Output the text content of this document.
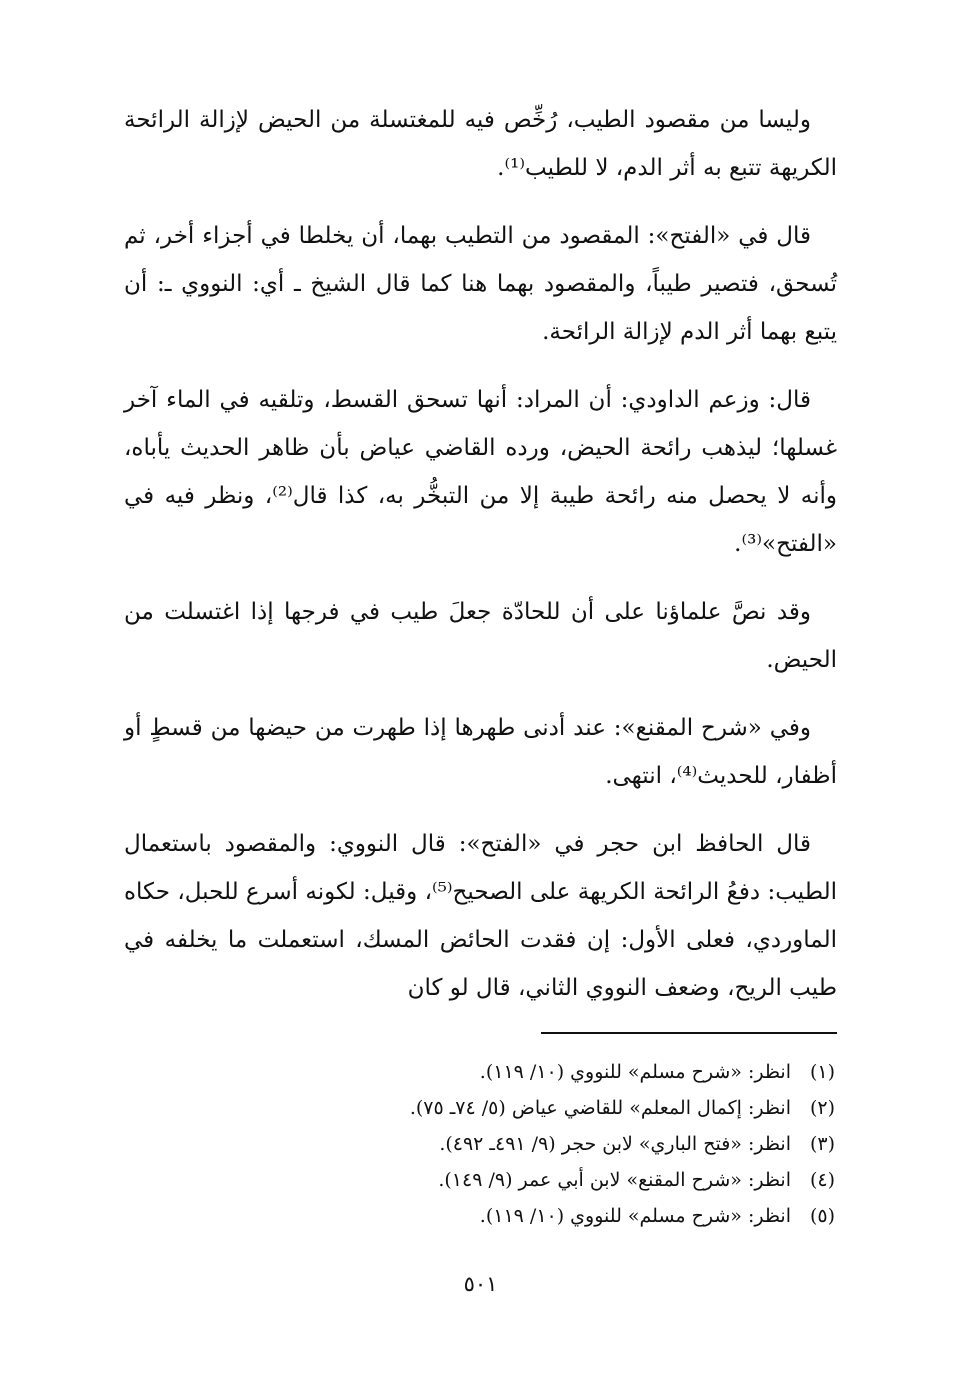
وليسا من مقصود الطيب، رُخِّص فيه للمغتسلة من الحيض لإزالة الرائحة الكريهة تتبع به أثر الدم، لا للطيب⁽¹⁾.

قال في «الفتح»: المقصود من التطيب بهما، أن يخلطا في أجزاء أخر، ثم تُسحق، فتصير طيباً، والمقصود بهما هنا كما قال الشيخ ـ أي: النووي ـ: أن يتبع بهما أثر الدم لإزالة الرائحة.

قال: وزعم الداودي: أن المراد: أنها تسحق القسط، وتلقيه في الماء آخر غسلها؛ ليذهب رائحة الحيض، ورده القاضي عياض بأن ظاهر الحديث يأباه، وأنه لا يحصل منه رائحة طيبة إلا من التبخُّر به، كذا قال⁽²⁾، ونظر فيه في «الفتح»⁽³⁾.

وقد نصَّ علماؤنا على أن للحادّة جعلَ طيب في فرجها إذا اغتسلت من الحيض.

وفي «شرح المقنع»: عند أدنى طهرها إذا طهرت من حيضها من قسطٍ أو أظفار، للحديث⁽⁴⁾، انتهى.

قال الحافظ ابن حجر في «الفتح»: قال النووي: والمقصود باستعمال الطيب: دفعُ الرائحة الكريهة على الصحيح⁽⁵⁾، وقيل: لكونه أسرع للحبل، حكاه الماوردي، فعلى الأول: إن فقدت الحائض المسك، استعملت ما يخلفه في طيب الريح، وضعف النووي الثاني، قال لو كان

(١)انظر: «شرح مسلم» للنووي (١٠/ ١١٩).
(٢)انظر: إكمال المعلم» للقاضي عياض (٥/ ٧٤ـ ٧٥).
(٣)انظر: «فتح الباري» لابن حجر (٩/ ٤٩١ـ ٤٩٢).
(٤)انظر: «شرح المقنع» لابن أبي عمر (٩/ ١٤٩).
(٥)انظر: «شرح مسلم» للنووي (١٠/ ١١٩).
٥٠١
